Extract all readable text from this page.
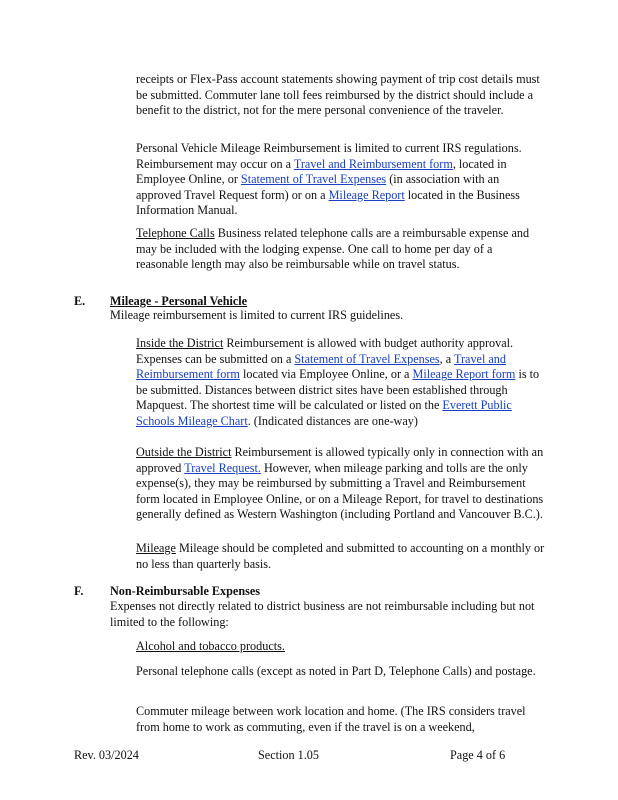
receipts or Flex-Pass account statements showing payment of trip cost details must be submitted. Commuter lane toll fees reimbursed by the district should include a benefit to the district, not for the mere personal convenience of the traveler.
Personal Vehicle Mileage Reimbursement is limited to current IRS regulations. Reimbursement may occur on a Travel and Reimbursement form, located in Employee Online, or Statement of Travel Expenses (in association with an approved Travel Request form) or on a Mileage Report located in the Business Information Manual.
Telephone Calls Business related telephone calls are a reimbursable expense and may be included with the lodging expense. One call to home per day of a reasonable length may also be reimbursable while on travel status.
E. Mileage - Personal Vehicle
Mileage reimbursement is limited to current IRS guidelines.
Inside the District Reimbursement is allowed with budget authority approval. Expenses can be submitted on a Statement of Travel Expenses, a Travel and Reimbursement form located via Employee Online, or a Mileage Report form is to be submitted. Distances between district sites have been established through Mapquest. The shortest time will be calculated or listed on the Everett Public Schools Mileage Chart. (Indicated distances are one-way)
Outside the District Reimbursement is allowed typically only in connection with an approved Travel Request. However, when mileage parking and tolls are the only expense(s), they may be reimbursed by submitting a Travel and Reimbursement form located in Employee Online, or on a Mileage Report, for travel to destinations generally defined as Western Washington (including Portland and Vancouver B.C.).
Mileage Mileage should be completed and submitted to accounting on a monthly or no less than quarterly basis.
F. Non-Reimbursable Expenses
Expenses not directly related to district business are not reimbursable including but not limited to the following:
Alcohol and tobacco products.
Personal telephone calls (except as noted in Part D, Telephone Calls) and postage.
Commuter mileage between work location and home. (The IRS considers travel from home to work as commuting, even if the travel is on a weekend,
Rev. 03/2024	Section 1.05	Page 4 of 6
